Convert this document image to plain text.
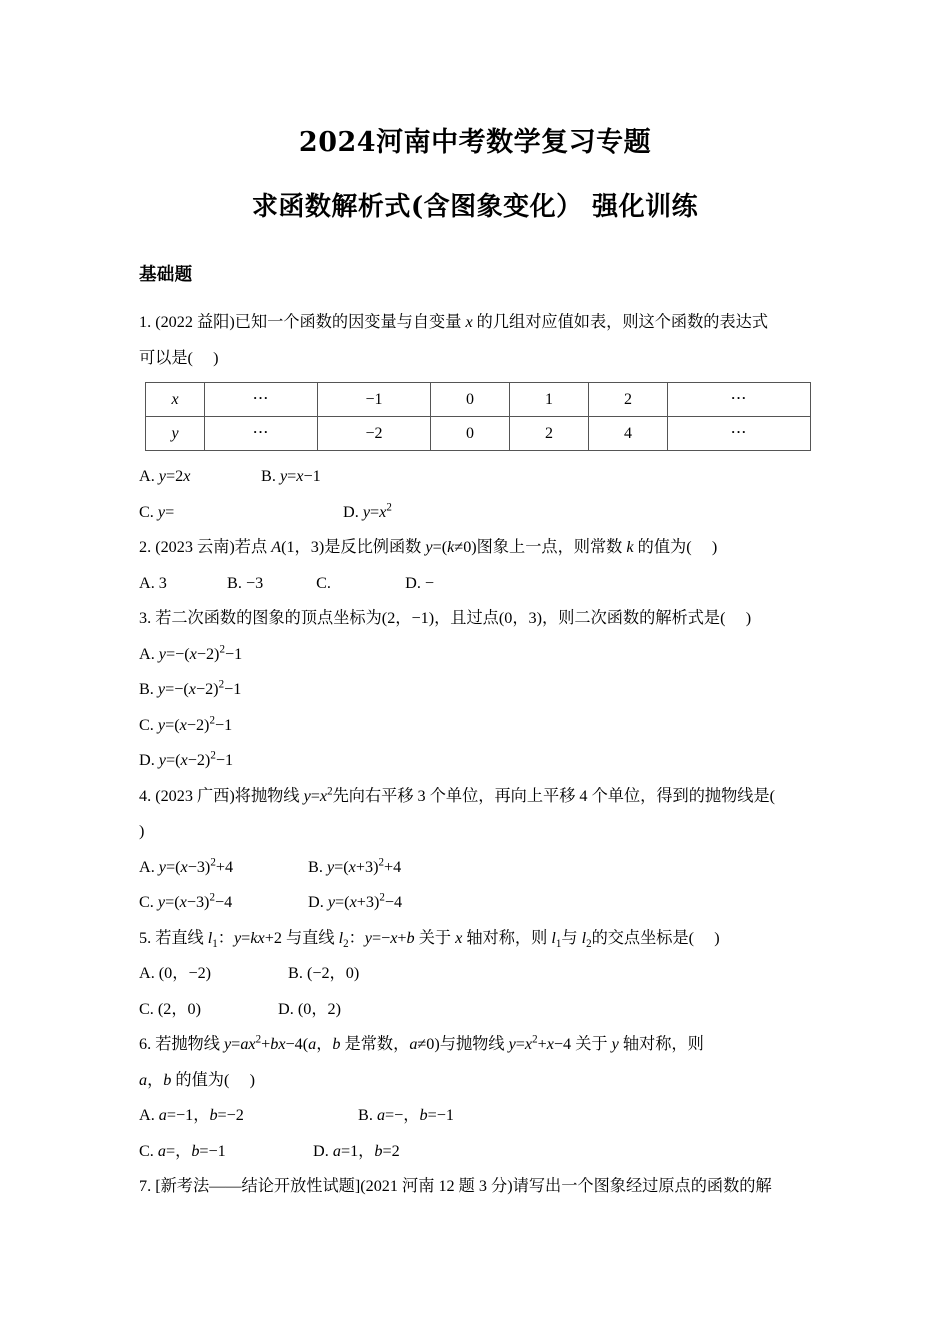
2024河南中考数学复习专题
求函数解析式(含图象变化） 强化训练
基础题
1. (2022 益阳)已知一个函数的因变量与自变量 x 的几组对应值如表，则这个函数的表达式
可以是(     )
x	···	−1	0	1	2	···
y	···	−2	0	2	4	···
A. y=2x	B. y=x−1
C. y=	D. $y=x^2$
2. (2023 云南)若点 A(1，3)是反比例函数 y=(k≠0)图象上一点，则常数 k 的值为(     )
A. 3	B. −3	C.	D. −
3. 若二次函数的图象的顶点坐标为(2，−1)，且过点(0，3)，则二次函数的解析式是(     )
A. $y=-(x-2)^2-1$
B. $y=-(x-2)^2-1$
C. $y=(x-2)^2-1$
D. $y=(x-2)^2-1$
4. (2023 广西)将抛物线 $y=x^2$先向右平移 3 个单位，再向上平移 4 个单位，得到的抛物线是(
)
A. $y=(x-3)^2+4$	B. $y=(x+3)^2+4$
C. $y=(x-3)^2-4$	D. $y=(x+3)^2-4$
5. 若直线 $l_1$：y=kx+2 与直线 $l_2$：y=−x+b 关于 x 轴对称，则 $l_1$与 $l_2$的交点坐标是(     )
A. (0，−2)	B. (−2，0)
C. (2，0)	D. (0，2)
6. 若抛物线 $y=ax^2+bx-4(a$，b 是常数，a≠0)与抛物线 $y=x^2+x-4$ 关于 y 轴对称，则
a，b 的值为(     )
A. a=−1，b=−2	B. a=−，b=−1
C. a=，b=−1	D. a=1，b=2
7. [新考法——结论开放性试题](2021 河南 12 题 3 分)请写出一个图象经过原点的函数的解
